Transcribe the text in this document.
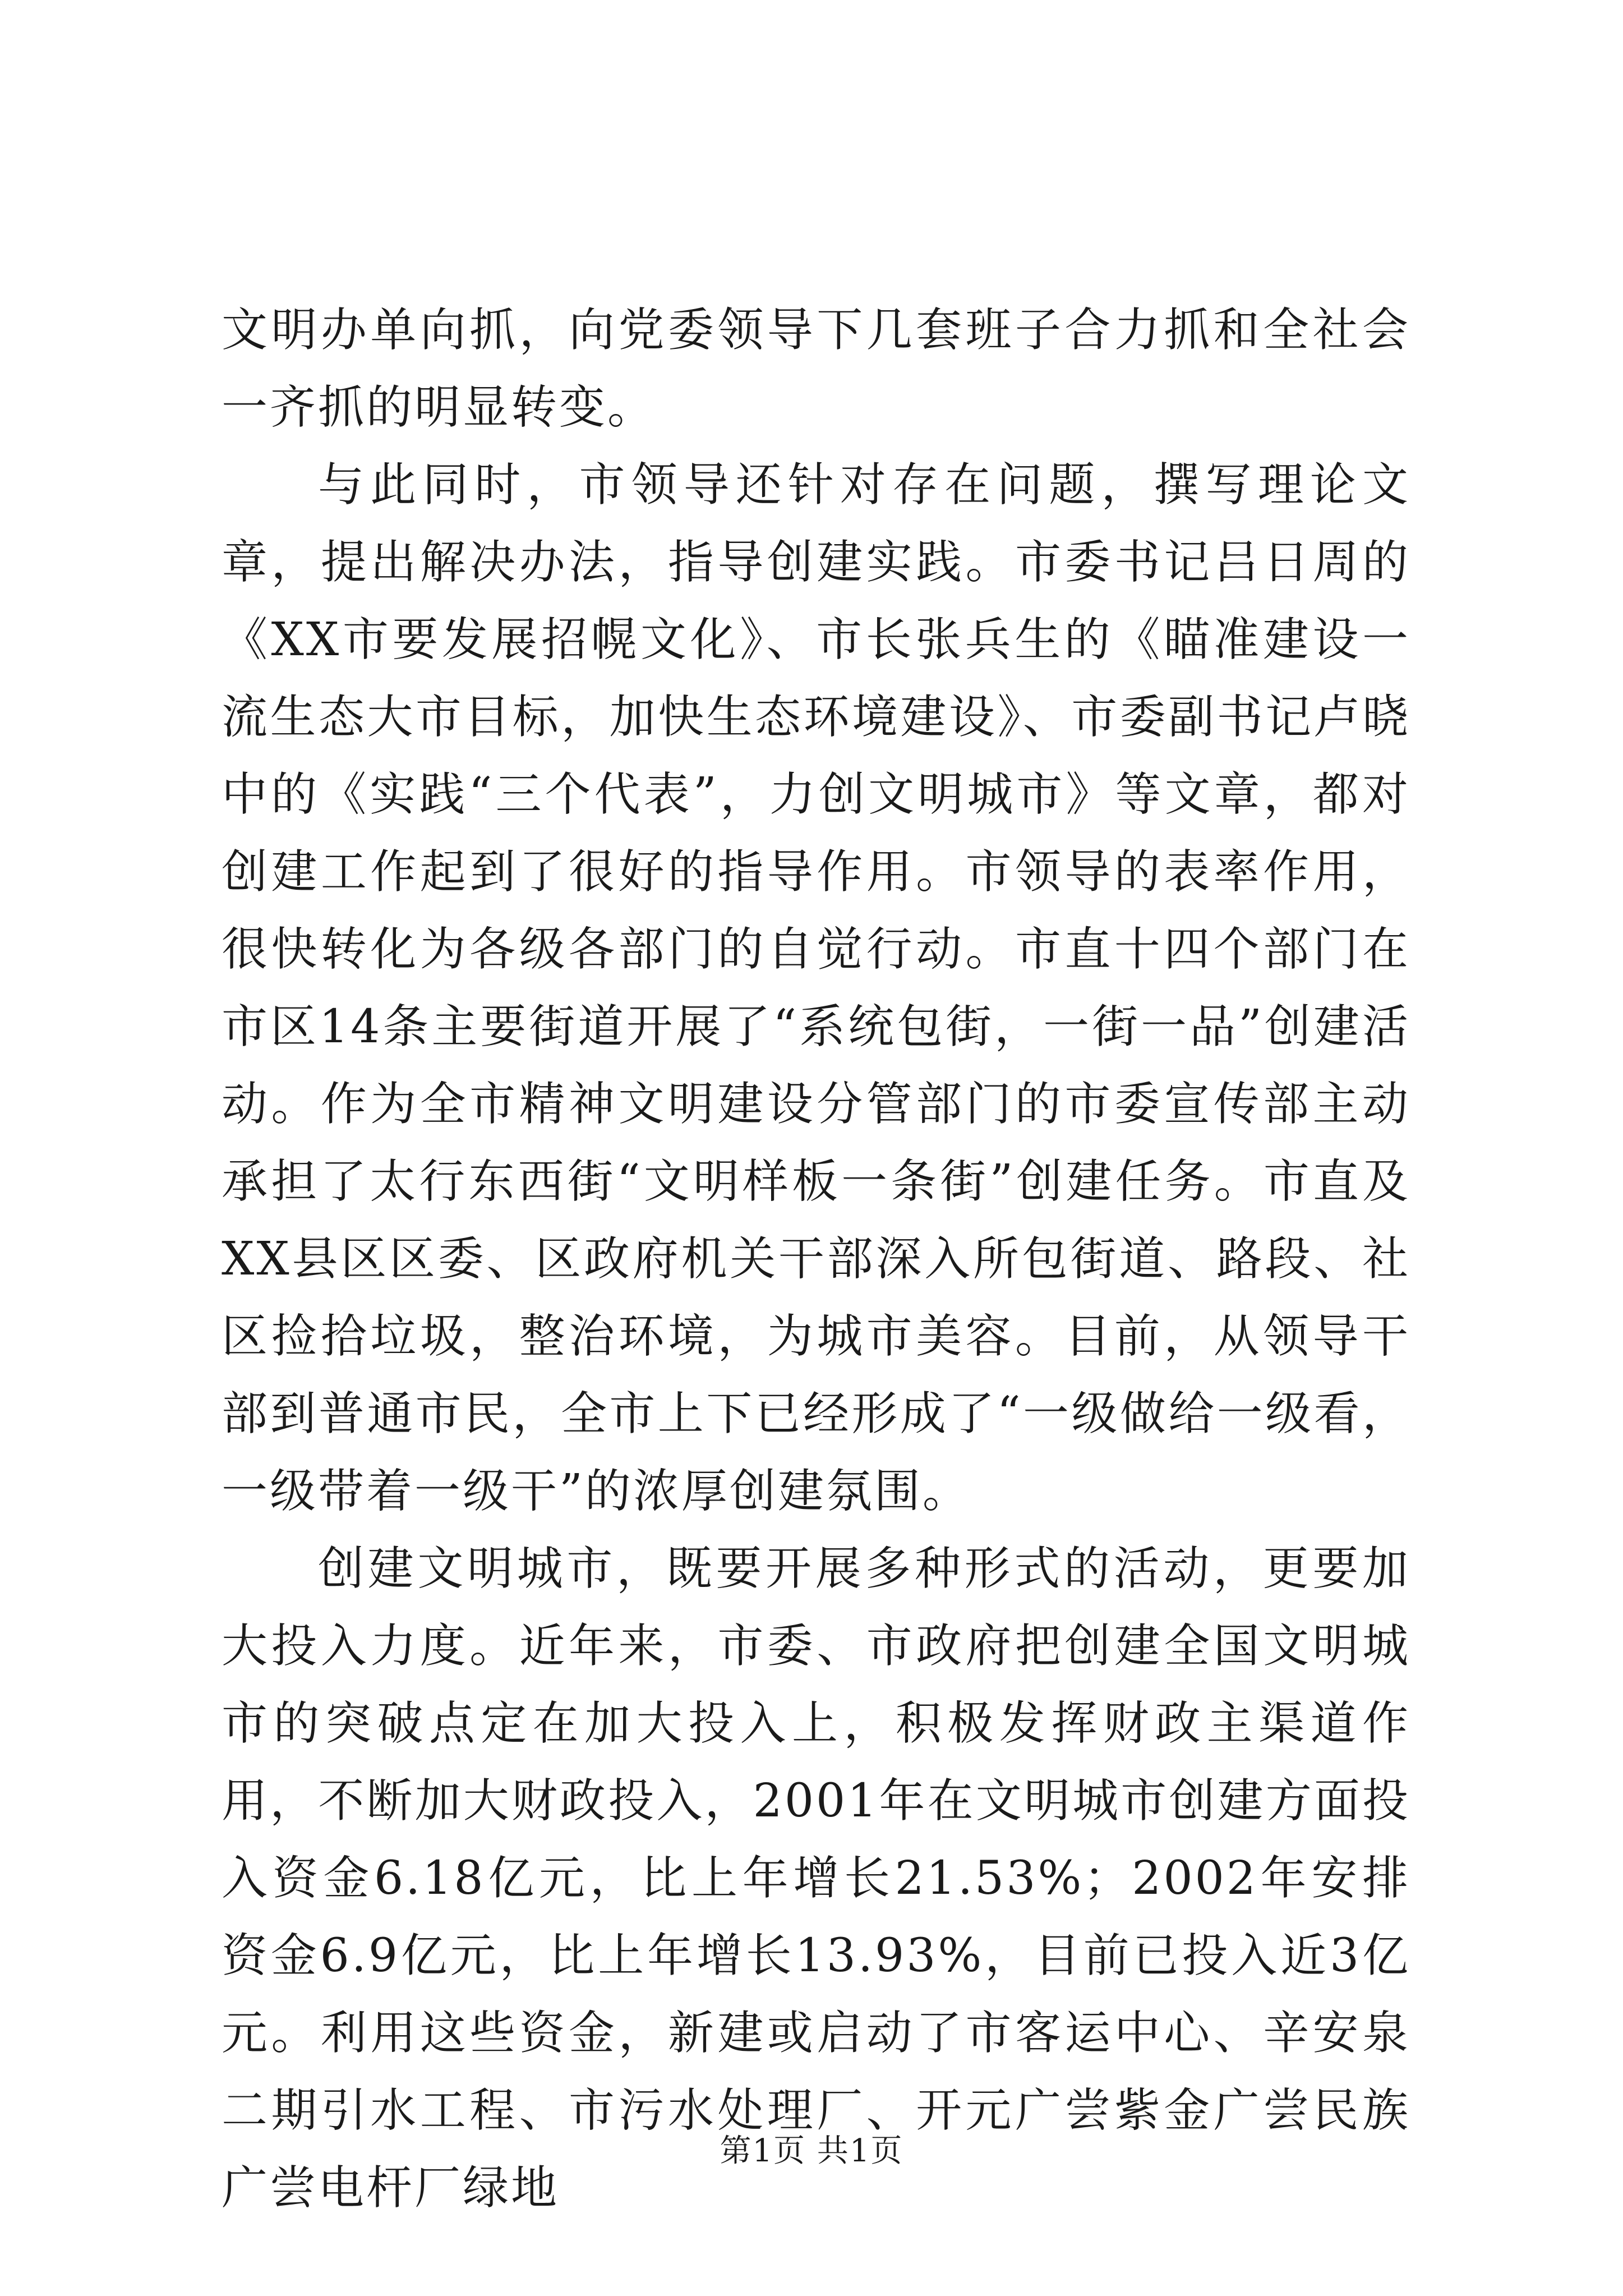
文明办单向抓，向党委领导下几套班子合力抓和全社会一齐抓的明显转变。

与此同时，市领导还针对存在问题，撰写理论文章，提出解决办法，指导创建实践。市委书记吕日周的《XX市要发展招幌文化》、市长张兵生的《瞄准建设一流生态大市目标，加快生态环境建设》、市委副书记卢晓中的《实践“三个代表”，力创文明城市》等文章，都对创建工作起到了很好的指导作用。市领导的表率作用，很快转化为各级各部门的自觉行动。市直十四个部门在市区14条主要街道开展了“系统包街，一街一品”创建活动。作为全市精神文明建设分管部门的市委宣传部主动承担了太行东西街“文明样板一条街”创建任务。市直及XX县区区委、区政府机关干部深入所包街道、路段、社区捡拾垃圾，整治环境，为城市美容。目前，从领导干部到普通市民，全市上下已经形成了“一级做给一级看，一级带着一级干”的浓厚创建氛围。

创建文明城市，既要开展多种形式的活动，更要加大投入力度。近年来，市委、市政府把创建全国文明城市的突破点定在加大投入上，积极发挥财政主渠道作用，不断加大财政投入，2001年在文明城市创建方面投入资金6.18亿元，比上年增长21.53%；2002年安排资金6.9亿元，比上年增长13.93%，目前已投入近3亿元。利用这些资金，新建或启动了市客运中心、辛安泉二期引水工程、市污水处理厂、开元广尝紫金广尝民族广尝电杆厂绿地

第1页 共1页
